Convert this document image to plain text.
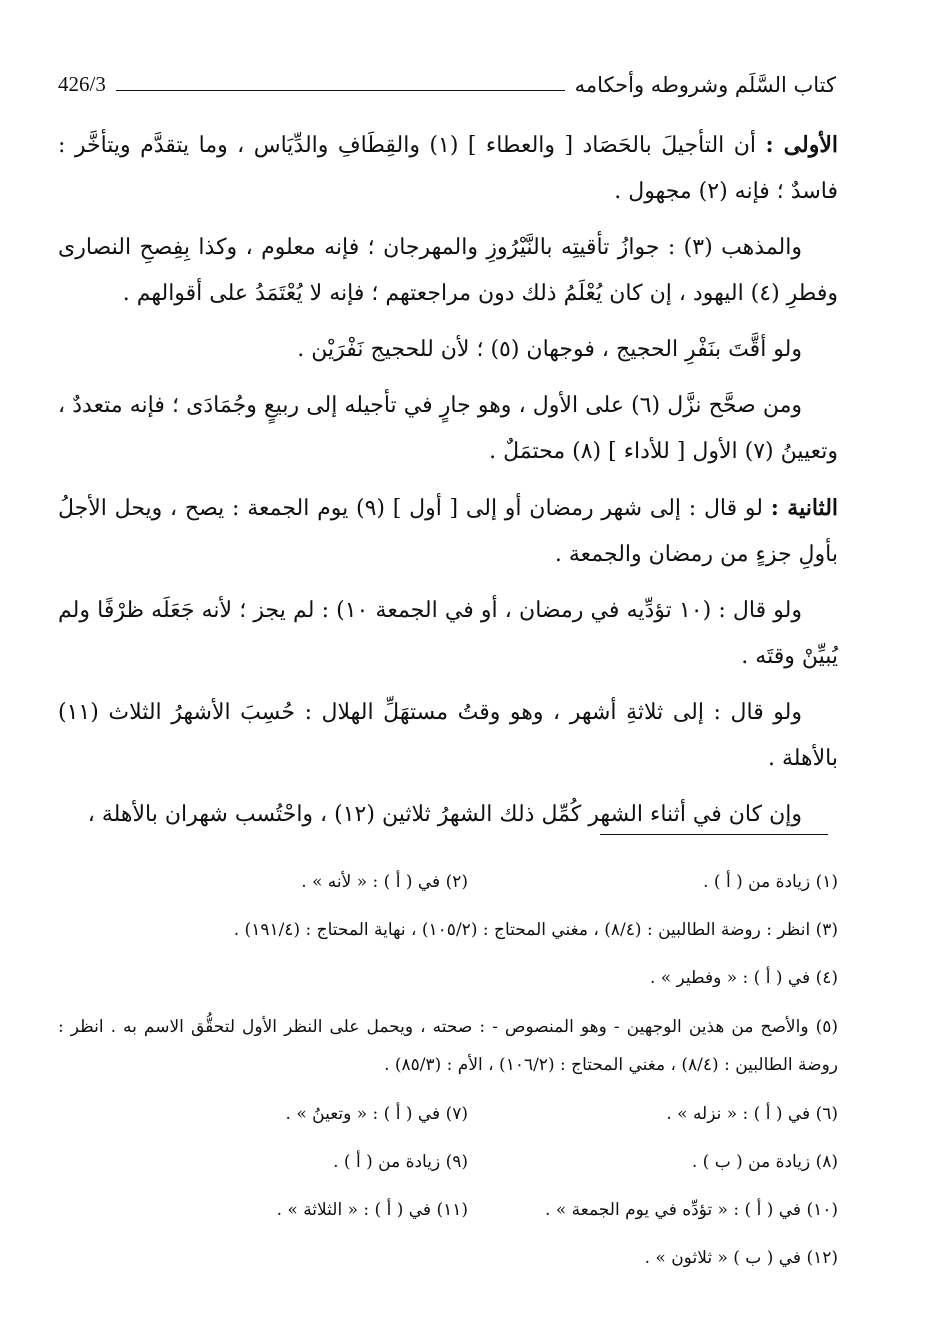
426/3	كتاب السَّلَم وشروطه وأحكامه

الأولى : أن التأجيلَ بالحَصَاد [ والعطاء ] (١) والقِطَافِ والدِّيَاس ، وما يتقدَّم ويتأخَّر : فاسدٌ ؛ فإنه (٢) مجهول .

والمذهب (٣) : جوازُ تأقيتِه بالنَّيْرُوزِ والمهرجان ؛ فإنه معلوم ، وكذا بِفِصحِ النصارى وفطرِ (٤) اليهود ، إن كان يُعْلَمُ ذلك دون مراجعتهم ؛ فإنه لا يُعْتَمَدُ على أقوالهم .

ولو أقَّتَ بنَفْرِ الحجيج ، فوجهان (٥) ؛ لأن للحجيج نَفْرَيْن .

ومن صحَّح نزَّل (٦) على الأول ، وهو جارٍ في تأجيله إلى ربيعٍ وجُمَادَى ؛ فإنه متعددٌ ، وتعيينُ (٧) الأول [ للأداء ] (٨) محتمَلٌ .

الثانية : لو قال : إلى شهر رمضان أو إلى [ أول ] (٩) يوم الجمعة : يصح ، ويحل الأجلُ بأولِ جزءٍ من رمضان والجمعة .

ولو قال : (١٠ تؤدِّيه في رمضان ، أو في الجمعة ١٠) : لم يجز ؛ لأنه جَعَلَه ظرْفًا ولم يُبيِّنْ وقتَه .

ولو قال : إلى ثلاثةِ أشهر ، وهو وقتُ مستهَلِّ الهلال : حُسِبَ الأشهرُ الثلاث (١١) بالأهلة .

وإن كان في أثناء الشهر كُمِّل ذلك الشهرُ ثلاثين (١٢) ، واحْتُسب شهران بالأهلة ،

(١) زيادة من ( أ ) .
(٢) في ( أ ) : « لأنه » .
(٣) انظر : روضة الطالبين : (٨/٤) ، مغني المحتاج : (١٠٥/٢) ، نهاية المحتاج : (١٩١/٤) .
(٤) في ( أ ) : « وفطير » .
(٥) والأصح من هذين الوجهين - وهو المنصوص - : صحته ، ويحمل على النظر الأول لتحقُّق الاسم به . انظر : روضة الطالبين : (٨/٤) ، مغني المحتاج : (١٠٦/٢) ، الأم : (٨٥/٣) .
(٦) في ( أ ) : « نزله » .
(٧) في ( أ ) : « وتعينُ » .
(٨) زيادة من ( ب ) .
(٩) زيادة من ( أ ) .
(١٠) في ( أ ) : « تؤدِّه في يوم الجمعة » .
(١١) في ( أ ) : « الثلاثة » .
(١٢) في ( ب ) « ثلاثون » .
